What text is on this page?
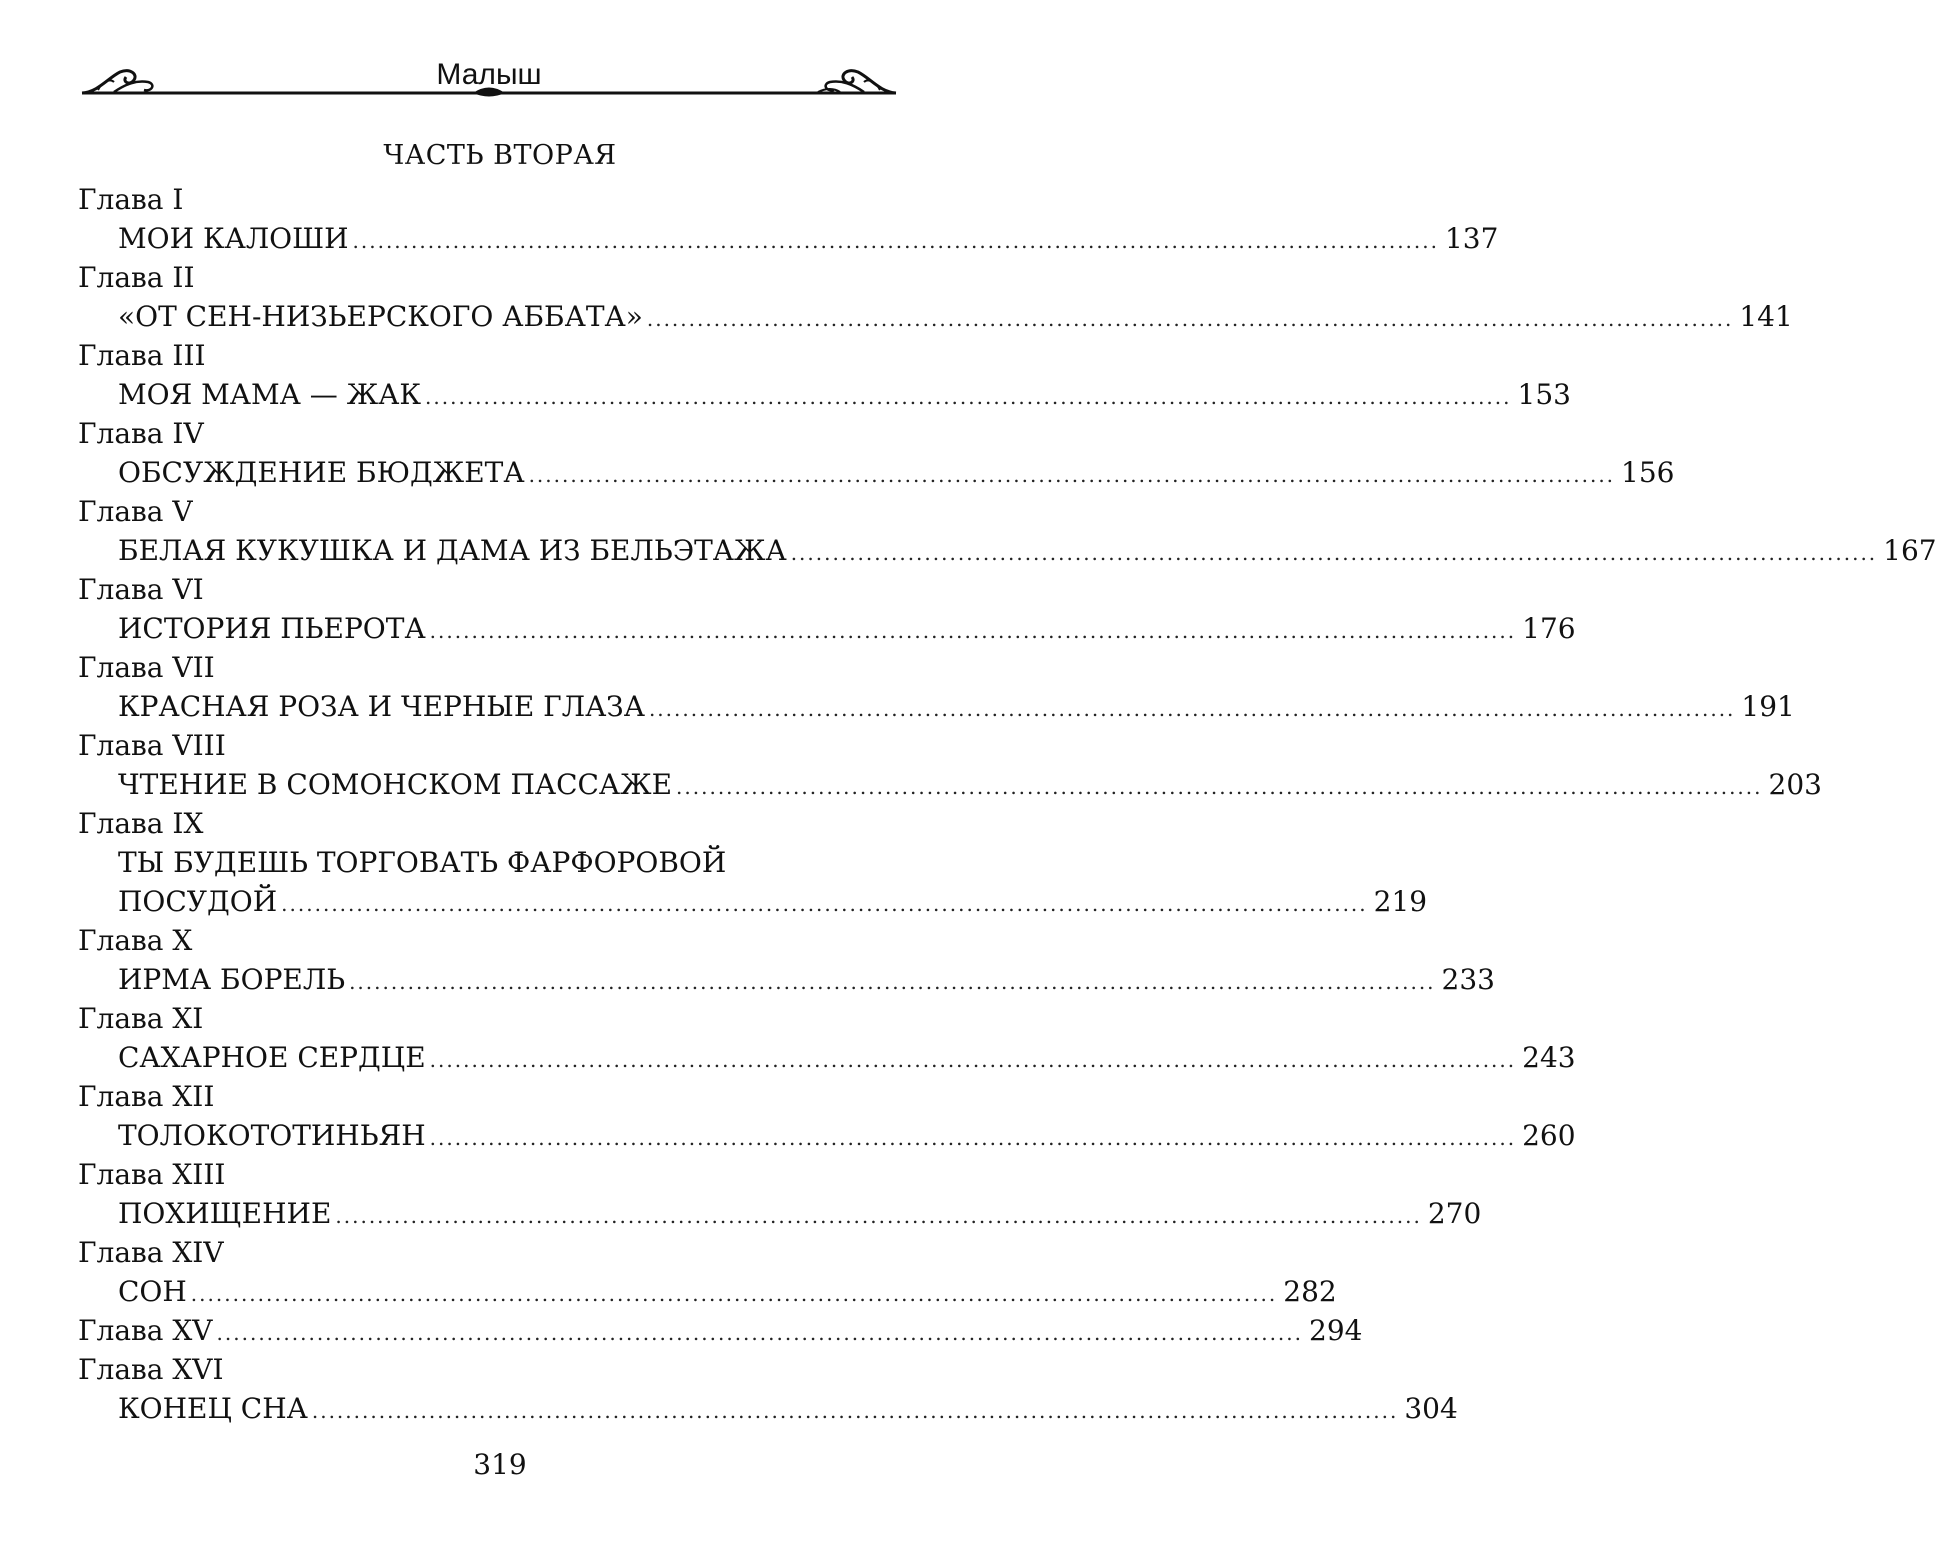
Малыш
ЧАСТЬ ВТОРАЯ
Глава I
МОИ КАЛОШИ .................................................................................................................................. 137
Глава II
«ОТ СЕН-НИЗЬЕРСКОГО АББАТА» .................................................................................................................................. 141
Глава III
МОЯ МАМА — ЖАК .................................................................................................................................. 153
Глава IV
ОБСУЖДЕНИЕ БЮДЖЕТА .................................................................................................................................. 156
Глава V
БЕЛАЯ КУКУШКА И ДАМА ИЗ БЕЛЬЭТАЖА .................................................................................................................................. 167
Глава VI
ИСТОРИЯ ПЬЕРОТА .................................................................................................................................. 176
Глава VII
КРАСНАЯ РОЗА И ЧЕРНЫЕ ГЛАЗА .................................................................................................................................. 191
Глава VIII
ЧТЕНИЕ В СОМОНСКОМ ПАССАЖЕ .................................................................................................................................. 203
Глава IX
ТЫ БУДЕШЬ ТОРГОВАТЬ ФАРФОРОВОЙ
ПОСУДОЙ .................................................................................................................................. 219
Глава X
ИРМА БОРЕЛЬ .................................................................................................................................. 233
Глава XI
САХАРНОЕ СЕРДЦЕ .................................................................................................................................. 243
Глава XII
ТОЛОКОТОТИНЬЯН .................................................................................................................................. 260
Глава XIII
ПОХИЩЕНИЕ .................................................................................................................................. 270
Глава XIV
СОН .................................................................................................................................. 282
Глава XV .................................................................................................................................. 294
Глава XVI
КОНЕЦ СНА .................................................................................................................................. 304
319
